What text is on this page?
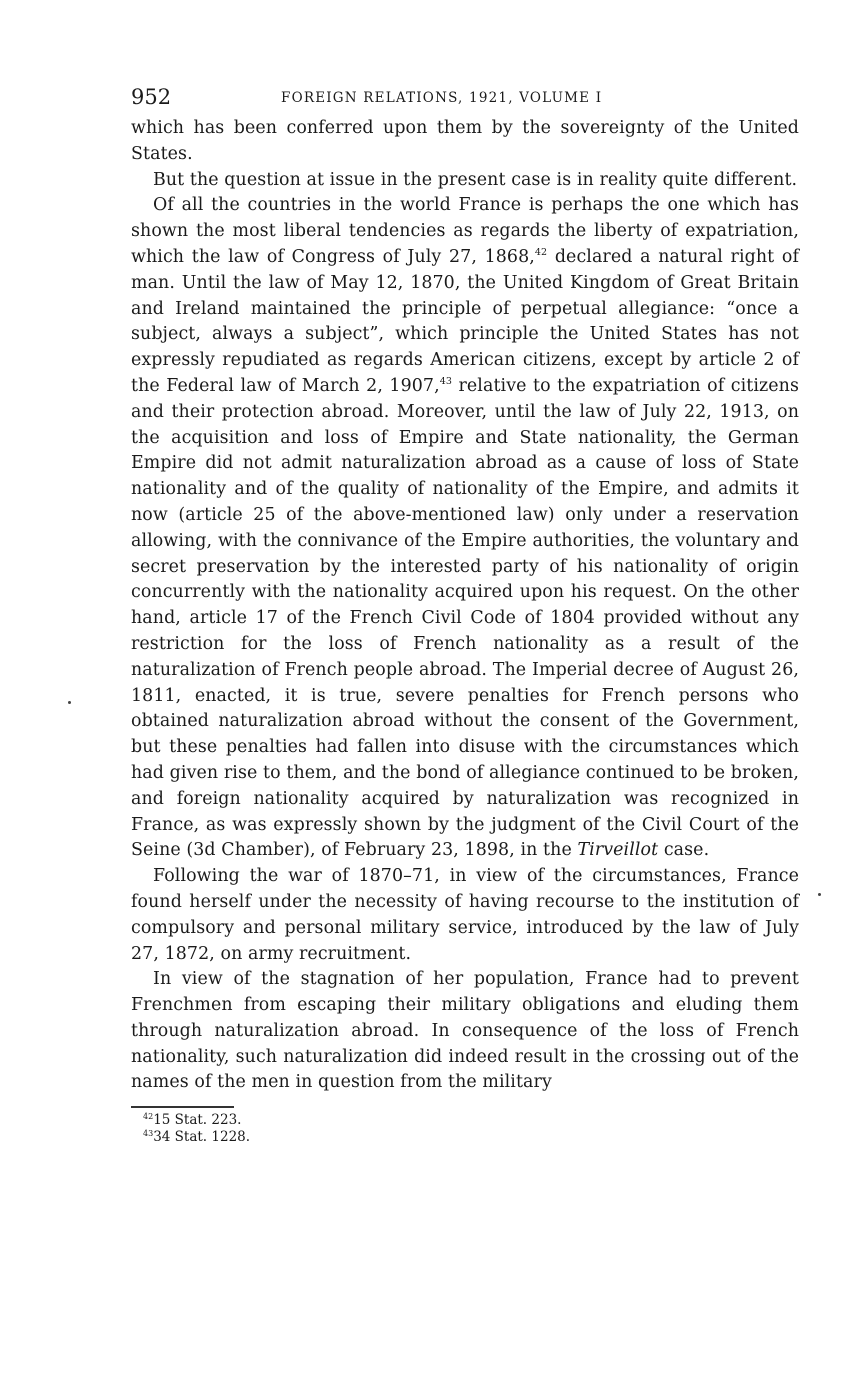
952	FOREIGN RELATIONS, 1921, VOLUME I

which has been conferred upon them by the sovereignty of the United States.

But the question at issue in the present case is in reality quite different.

Of all the countries in the world France is perhaps the one which has shown the most liberal tendencies as regards the liberty of expatriation, which the law of Congress of July 27, 1868,42 declared a natural right of man. Until the law of May 12, 1870, the United Kingdom of Great Britain and Ireland maintained the principle of perpetual allegiance: “once a subject, always a subject”, which principle the United States has not expressly repudiated as regards American citizens, except by article 2 of the Federal law of March 2, 1907,43 relative to the expatriation of citizens and their protection abroad. Moreover, until the law of July 22, 1913, on the acquisition and loss of Empire and State nationality, the German Empire did not admit naturalization abroad as a cause of loss of State nationality and of the quality of nationality of the Empire, and admits it now (article 25 of the above-mentioned law) only under a reservation allowing, with the connivance of the Empire authorities, the voluntary and secret preservation by the interested party of his nationality of origin concurrently with the nationality acquired upon his request. On the other hand, article 17 of the French Civil Code of 1804 provided without any restriction for the loss of French nationality as a result of the naturalization of French people abroad. The Imperial decree of August 26, 1811, enacted, it is true, severe penalties for French persons who obtained naturalization abroad without the consent of the Government, but these penalties had fallen into disuse with the circumstances which had given rise to them, and the bond of allegiance continued to be broken, and foreign nationality acquired by naturalization was recognized in France, as was expressly shown by the judgment of the Civil Court of the Seine (3d Chamber), of February 23, 1898, in the Tirveillot case.

Following the war of 1870–71, in view of the circumstances, France found herself under the necessity of having recourse to the institution of compulsory and personal military service, introduced by the law of July 27, 1872, on army recruitment.

In view of the stagnation of her population, France had to prevent Frenchmen from escaping their military obligations and eluding them through naturalization abroad. In consequence of the loss of French nationality, such naturalization did indeed result in the crossing out of the names of the men in question from the military

$^{42}$15 Stat. 223.
$^{43}$34 Stat. 1228.
